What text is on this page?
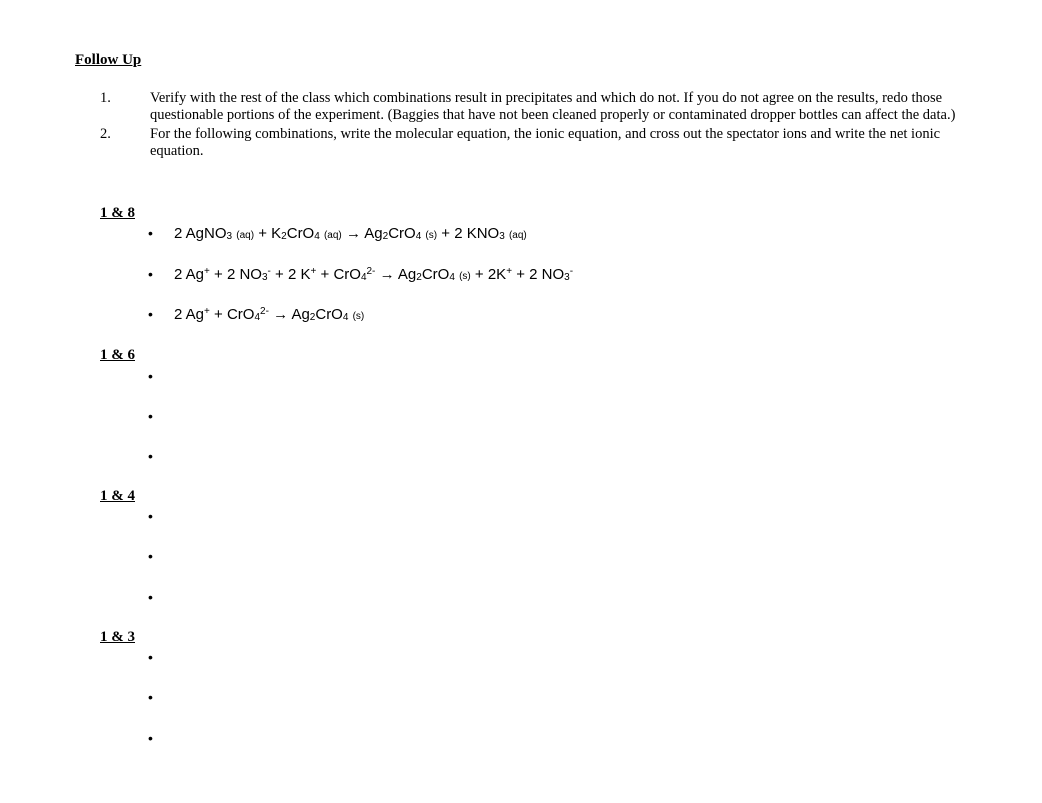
Follow Up
1.	Verify with the rest of the class which combinations result in precipitates and which do not. If you do not agree on the results, redo those questionable portions of the experiment. (Baggies that have not been cleaned properly or contaminated dropper bottles can affect the data.)
2.	For the following combinations, write the molecular equation, the ionic equation, and cross out the spectator ions and write the net ionic equation.
1 & 8
• 2 AgNO3 (aq) + K2CrO4 (aq) → Ag2CrO4 (s) + 2 KNO3 (aq)
• 2 Ag+ + 2 NO3- + 2 $K^+ + CrO4^{2-} \to Ag2CrO4$ (s) + 2K+ + 2 NO3-
• 2 $Ag^+ + CrO4^{2-} \to Ag2CrO4$ (s)
1 & 6
•
•
•
1 & 4
•
•
•
1 & 3
•
•
•
